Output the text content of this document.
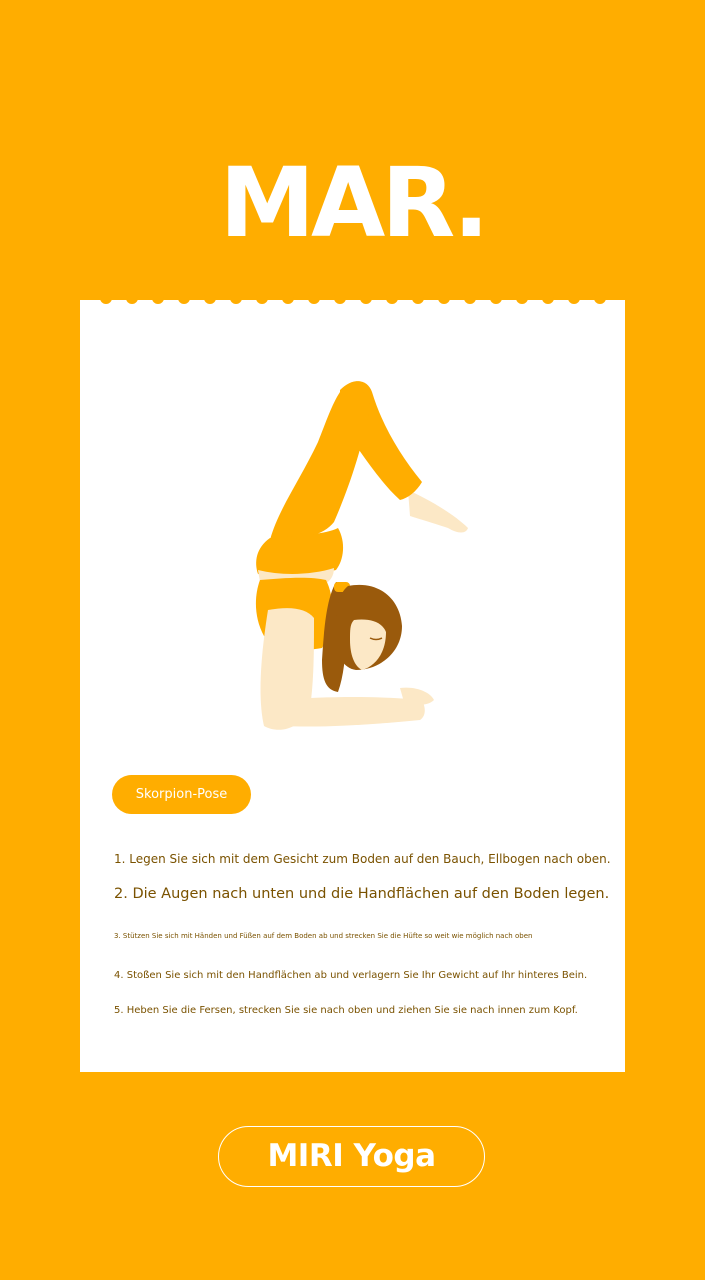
MAR.
Skorpion-Pose
1. Legen Sie sich mit dem Gesicht zum Boden auf den Bauch, Ellbogen nach oben.
2. Die Augen nach unten und die Handflächen auf den Boden legen.
3. Stützen Sie sich mit Händen und Füßen auf dem Boden ab und strecken Sie die Hüfte so weit wie möglich nach oben
4. Stoßen Sie sich mit den Handflächen ab und verlagern Sie Ihr Gewicht auf Ihr hinteres Bein.
5. Heben Sie die Fersen, strecken Sie sie nach oben und ziehen Sie sie nach innen zum Kopf.
MIRI Yoga
